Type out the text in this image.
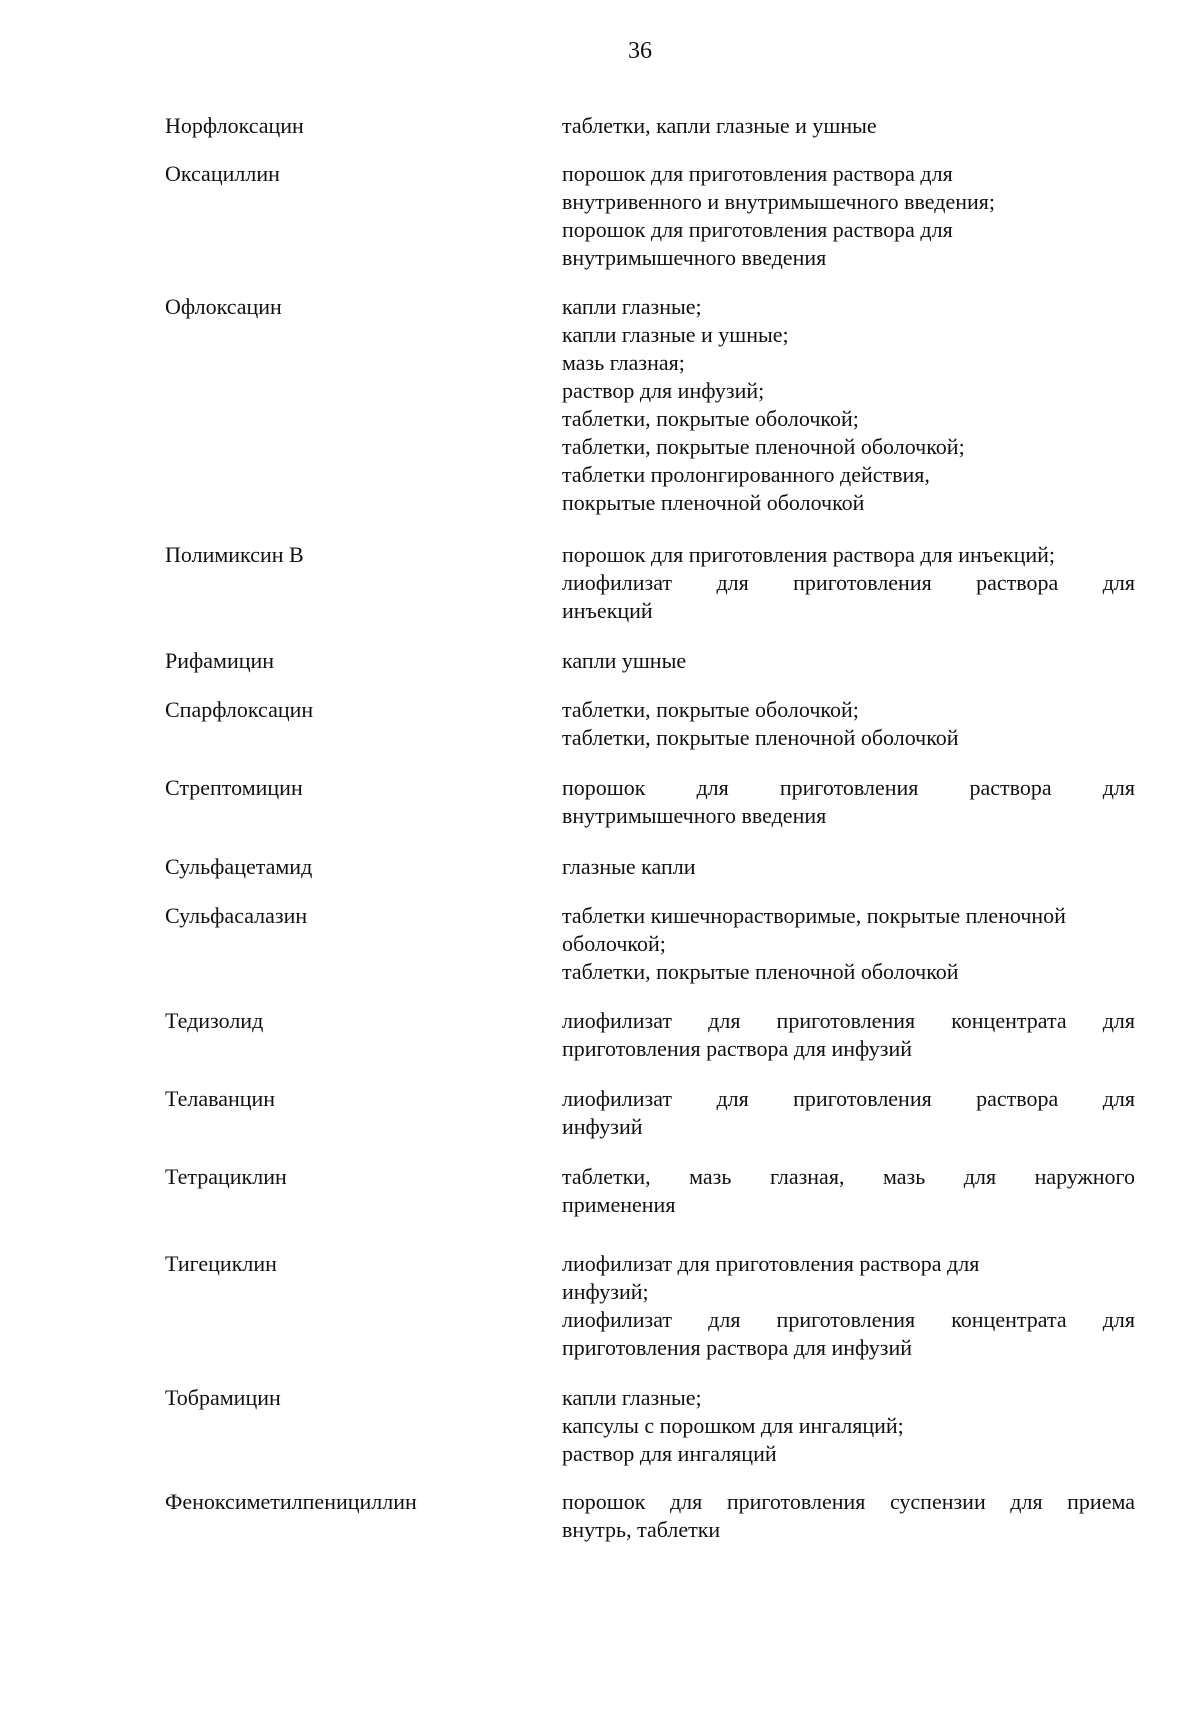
36
Норфлоксацин	таблетки, капли глазные и ушные
Оксациллин	порошок для приготовления раствора для
внутривенного и внутримышечного введения;
порошок для приготовления раствора для
внутримышечного введения
Офлоксацин	капли глазные;
капли глазные и ушные;
мазь глазная;
раствор для инфузий;
таблетки, покрытые оболочкой;
таблетки, покрытые пленочной оболочкой;
таблетки пролонгированного действия,
покрытые пленочной оболочкой
Полимиксин В	порошок для приготовления раствора для инъекций;
лиофилизат для приготовления раствора для
инъекций
Рифамицин	капли ушные
Спарфлоксацин	таблетки, покрытые оболочкой;
таблетки, покрытые пленочной оболочкой
Стрептомицин	порошок для приготовления раствора для
внутримышечного введения
Сульфацетамид	глазные капли
Сульфасалазин	таблетки кишечнорастворимые, покрытые пленочной
оболочкой;
таблетки, покрытые пленочной оболочкой
Тедизолид	лиофилизат для приготовления концентрата для
приготовления раствора для инфузий
Телаванцин	лиофилизат для приготовления раствора для
инфузий
Тетрациклин	таблетки, мазь глазная, мазь для наружного
применения
Тигециклин	лиофилизат для приготовления раствора для
инфузий;
лиофилизат для приготовления концентрата для
приготовления раствора для инфузий
Тобрамицин	капли глазные;
капсулы с порошком для ингаляций;
раствор для ингаляций
Феноксиметилпенициллин	порошок для приготовления суспензии для приема
внутрь, таблетки
